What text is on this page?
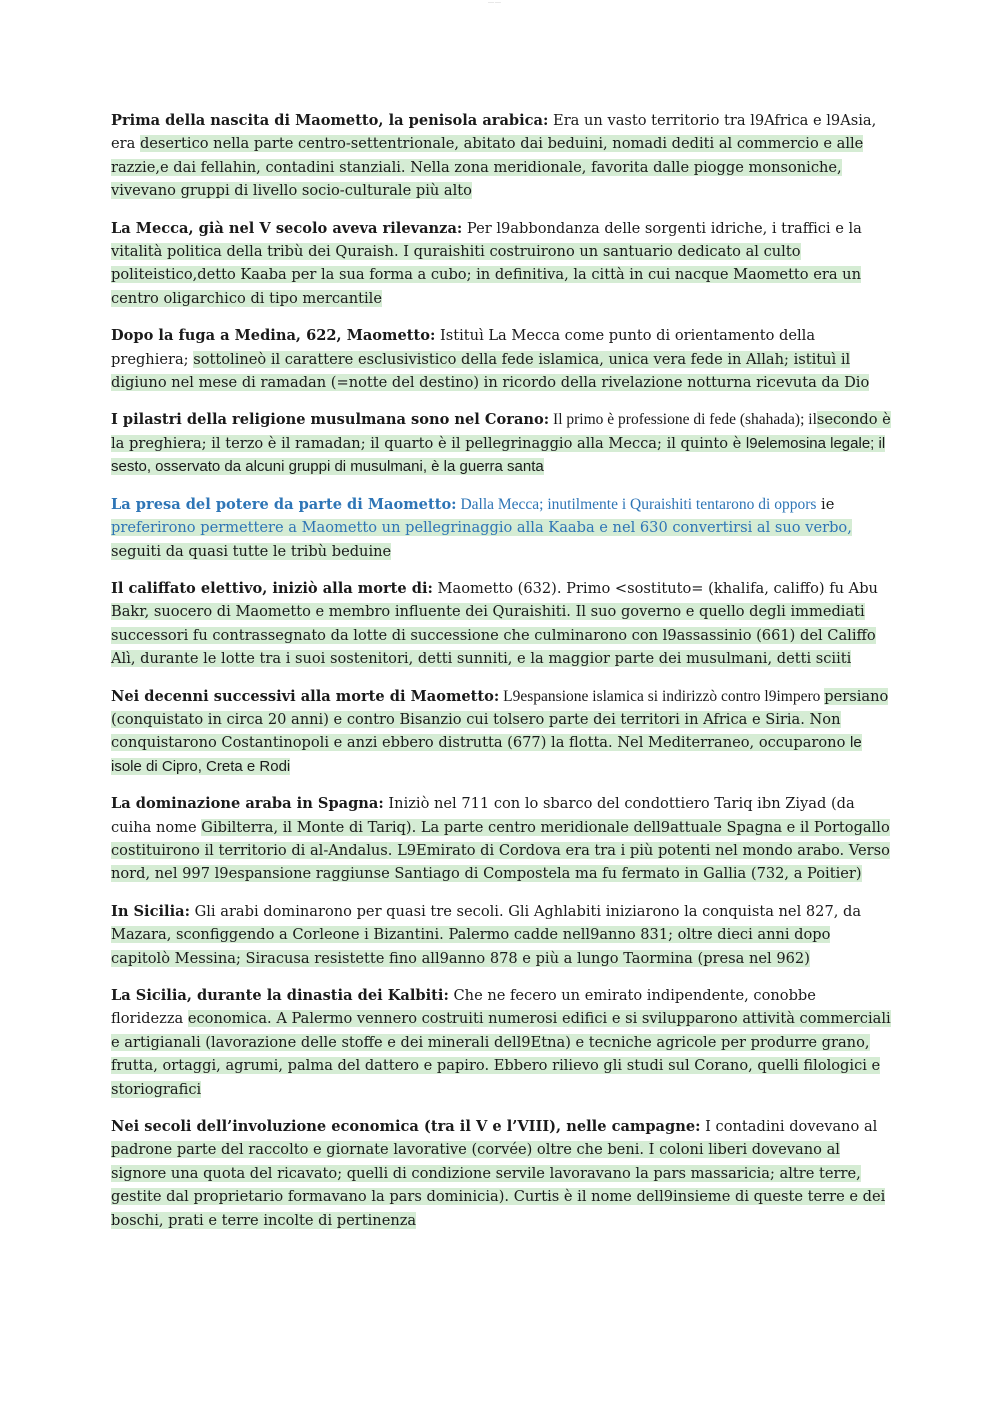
—— ——

Prima della nascita di Maometto, la penisola arabica: Era un vasto territorio tra l9Africa e l9Asia, era desertico nella parte centro-settentrionale, abitato dai beduini, nomadi dediti al commercio e alle razzie,e dai fellahin, contadini stanziali. Nella zona meridionale, favorita dalle piogge monsoniche, vivevano gruppi di livello socio-culturale più alto

La Mecca, già nel V secolo aveva rilevanza: Per l9abbondanza delle sorgenti idriche, i traffici e la vitalità politica della tribù dei Quraish. I quraishiti costruirono un santuario dedicato al culto politeistico,detto Kaaba per la sua forma a cubo; in definitiva, la città in cui nacque Maometto era un centro oligarchico di tipo mercantile

Dopo la fuga a Medina, 622, Maometto: Istituì La Mecca come punto di orientamento della preghiera; sottolineò il carattere esclusivistico della fede islamica, unica vera fede in Allah; istituì il digiuno nel mese di ramadan (=notte del destino) in ricordo della rivelazione notturna ricevuta da Dio

I pilastri della religione musulmana sono nel Corano: Il primo è professione di fede (shahada); ilsecondo è la preghiera; il terzo è il ramadan; il quarto è il pellegrinaggio alla Mecca; il quinto è l9elemosina legale; il sesto, osservato da alcuni gruppi di musulmani, è la guerra santa

La presa del potere da parte di Maometto: Dalla Mecca; inutilmente i Quraishiti tentarono di oppors ie preferirono permettere a Maometto un pellegrinaggio alla Kaaba e nel 630 convertirsi al suo verbo, seguiti da quasi tutte le tribù beduine

Il califfato elettivo, iniziò alla morte di: Maometto (632). Primo <sostituto= (khalifa, califfo) fu Abu Bakr, suocero di Maometto e membro influente dei Quraishiti. Il suo governo e quello degli immediati successori fu contrassegnato da lotte di successione che culminarono con l9assassinio (661) del Califfo Alì, durante le lotte tra i suoi sostenitori, detti sunniti, e la maggior parte dei musulmani, detti sciiti

Nei decenni successivi alla morte di Maometto: L9espansione islamica si indirizzò contro l9impero persiano (conquistato in circa 20 anni) e contro Bisanzio cui tolsero parte dei territori in Africa e Siria. Non conquistarono Costantinopoli e anzi ebbero distrutta (677) la flotta. Nel Mediterraneo, occuparono le isole di Cipro, Creta e Rodi

La dominazione araba in Spagna: Iniziò nel 711 con lo sbarco del condottiero Tariq ibn Ziyad (da cuiha nome Gibilterra, il Monte di Tariq). La parte centro meridionale dell9attuale Spagna e il Portogallo costituirono il territorio di al-Andalus. L9Emirato di Cordova era tra i più potenti nel mondo arabo. Verso nord, nel 997 l9espansione raggiunse Santiago di Compostela ma fu fermato in Gallia (732, a Poitier)

In Sicilia: Gli arabi dominarono per quasi tre secoli. Gli Aghlabiti iniziarono la conquista nel 827, da Mazara, sconfiggendo a Corleone i Bizantini. Palermo cadde nell9anno 831; oltre dieci anni dopo capitolò Messina; Siracusa resistette fino all9anno 878 e più a lungo Taormina (presa nel 962)

La Sicilia, durante la dinastia dei Kalbiti: Che ne fecero un emirato indipendente, conobbe floridezza economica. A Palermo vennero costruiti numerosi edifici e si svilupparono attività commerciali e artigianali (lavorazione delle stoffe e dei minerali dell9Etna) e tecniche agricole per produrre grano, frutta, ortaggi, agrumi, palma del dattero e papiro. Ebbero rilievo gli studi sul Corano, quelli filologici e storiografici

Nei secoli dell’involuzione economica (tra il V e l’VIII), nelle campagne: I contadini dovevano al padrone parte del raccolto e giornate lavorative (corvée) oltre che beni. I coloni liberi dovevano al signore una quota del ricavato; quelli di condizione servile lavoravano la pars massaricia; altre terre, gestite dal proprietario formavano la pars dominicia). Curtis è il nome dell9insieme di queste terre e dei boschi, prati e terre incolte di pertinenza
